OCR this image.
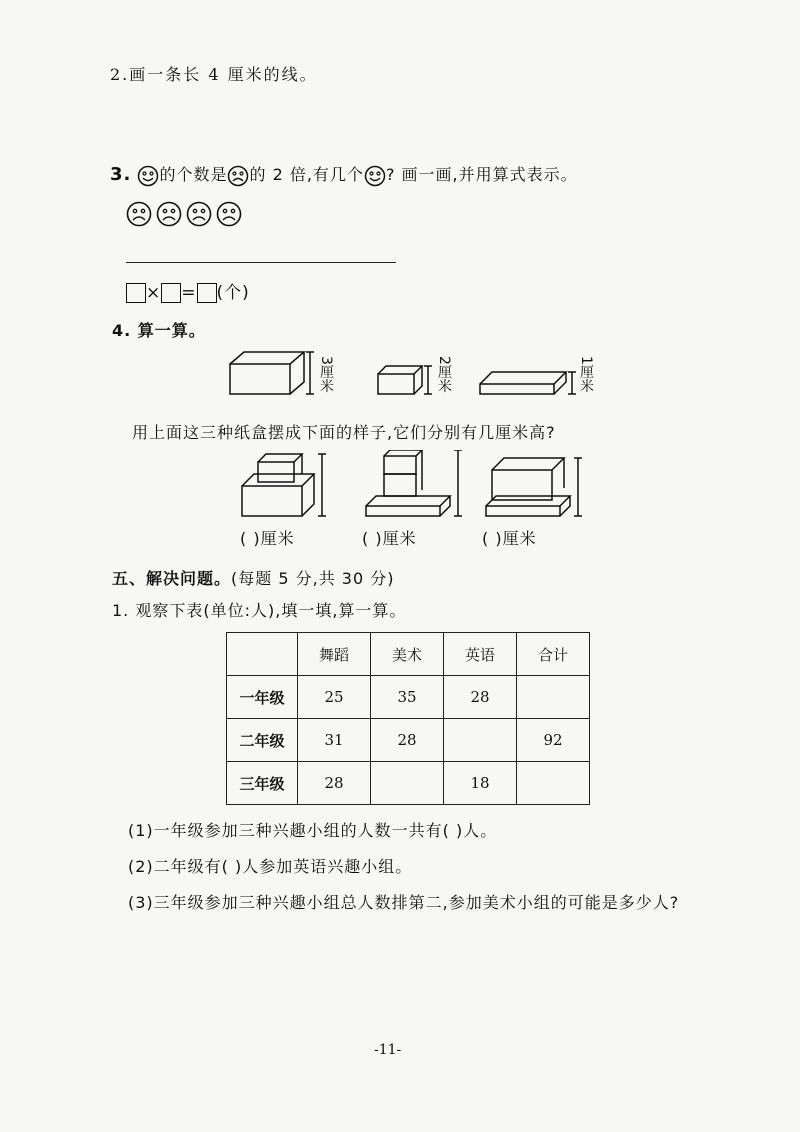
2.画一条长 4 厘米的线。
3. 的个数是 的 2 倍,有几个 ? 画一画,并用算式表示。
× = (个)
4. 算一算。
3厘米	2厘米	1厘米
用上面这三种纸盒摆成下面的样子,它们分别有几厘米高?
( )厘米	( )厘米	( )厘米
五、解决问题。(每题 5 分,共 30 分)
1. 观察下表(单位:人),填一填,算一算。
	舞蹈	美术	英语	合计
一年级	25	35	28	
二年级	31	28		92
三年级	28		18	
(1)一年级参加三种兴趣小组的人数一共有( )人。
(2)二年级有( )人参加英语兴趣小组。
(3)三年级参加三种兴趣小组总人数排第二,参加美术小组的可能是多少人?
-11-
